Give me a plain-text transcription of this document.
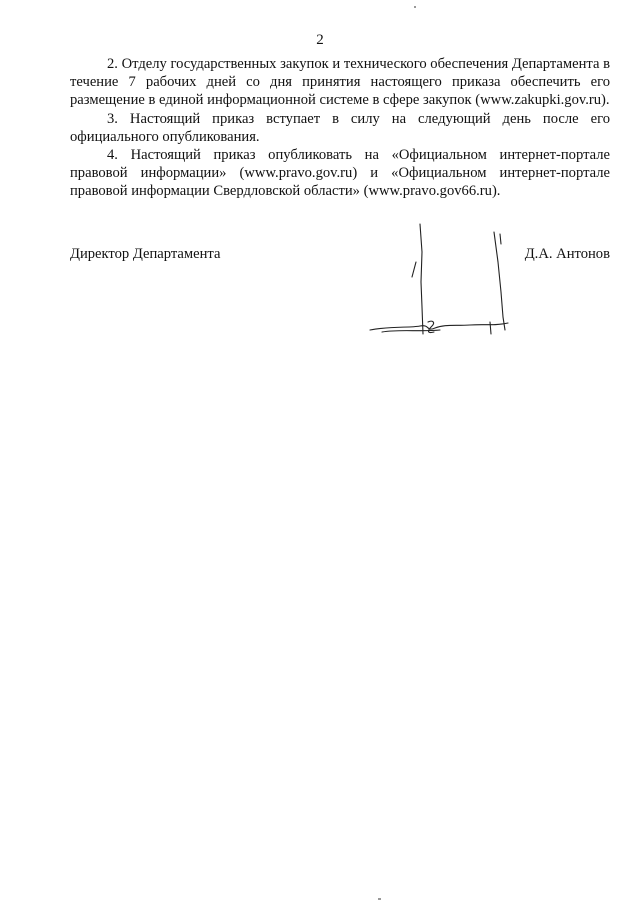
2

2. Отделу государственных закупок и технического обеспечения Департамента в течение 7 рабочих дней со дня принятия настоящего приказа обеспечить его размещение в единой информационной системе в сфере закупок (www.zakupki.gov.ru).

3. Настоящий приказ вступает в силу на следующий день после его официального опубликования.

4. Настоящий приказ опубликовать на «Официальном интернет-портале правовой информации» (www.pravo.gov.ru) и «Официальном интернет-портале правовой информации Свердловской области» (www.pravo.gov66.ru).

Директор Департамента	Д.А. Антонов
